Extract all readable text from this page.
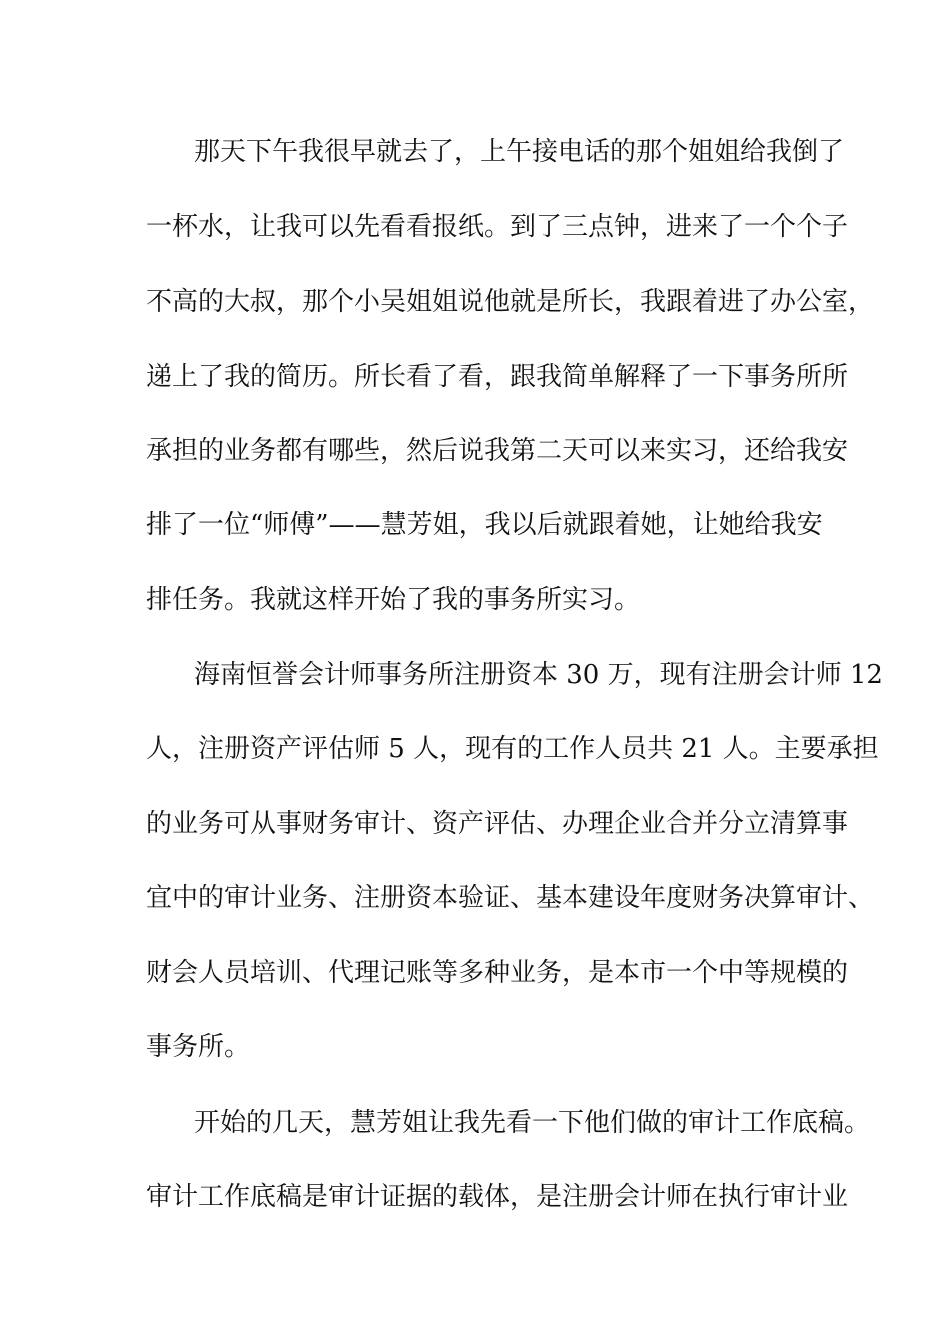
那天下午我很早就去了，上午接电话的那个姐姐给我倒了
一杯水，让我可以先看看报纸。到了三点钟，进来了一个个子
不高的大叔，那个小吴姐姐说他就是所长，我跟着进了办公室，
递上了我的简历。所长看了看，跟我简单解释了一下事务所所
承担的业务都有哪些，然后说我第二天可以来实习，还给我安
排了一位“师傅”——慧芳姐，我以后就跟着她，让她给我安
排任务。我就这样开始了我的事务所实习。
海南恒誉会计师事务所注册资本 30 万，现有注册会计师 12
人，注册资产评估师 5 人，现有的工作人员共 21 人。主要承担
的业务可从事财务审计、资产评估、办理企业合并分立清算事
宜中的审计业务、注册资本验证、基本建设年度财务决算审计、
财会人员培训、代理记账等多种业务，是本市一个中等规模的
事务所。
开始的几天，慧芳姐让我先看一下他们做的审计工作底稿。
审计工作底稿是审计证据的载体，是注册会计师在执行审计业
